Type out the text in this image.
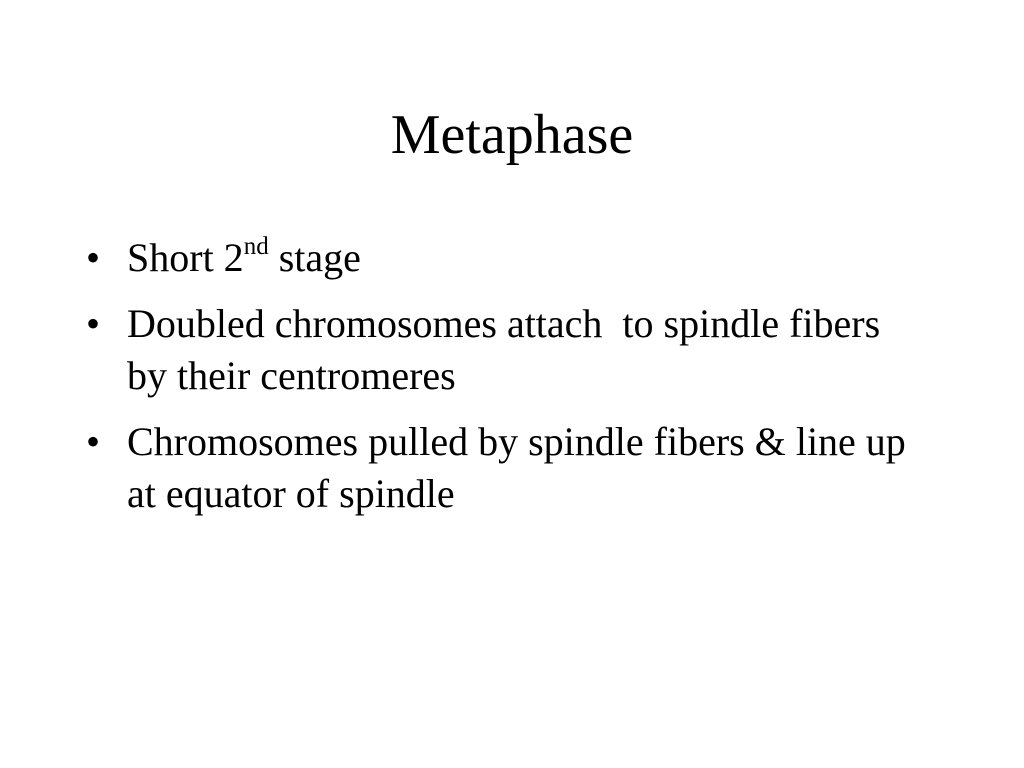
Metaphase
• Short 2nd stage
• Doubled chromosomes attach  to spindle fibers by their centromeres
• Chromosomes pulled by spindle fibers & line up at equator of spindle
